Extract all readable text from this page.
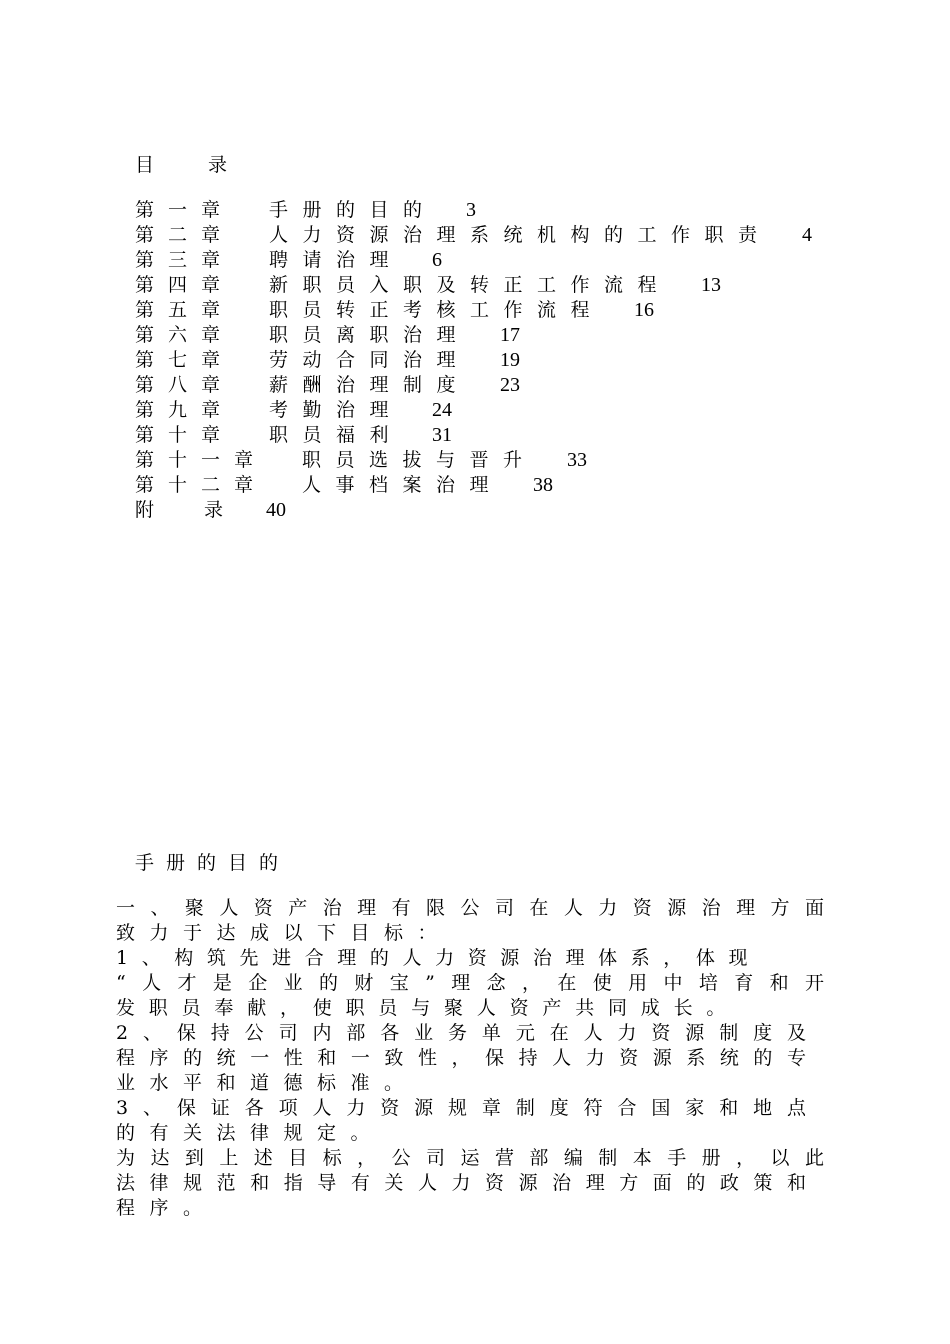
目 录
第一章 手册的目的 3
第二章 人力资源治理系统机构的工作职责 4
第三章 聘请治理 6
第四章 新职员入职及转正工作流程 13
第五章 职员转正考核工作流程 16
第六章 职员离职治理 17
第七章 劳动合同治理 19
第八章 薪酬治理制度 23
第九章 考勤治理 24
第十章 职员福利 31
第十一章 职员选拔与晋升 33
第十二章 人事档案治理 38
附 录 40
手册的目的
一、聚人资产治理有限公司在人力资源治理方面
致力于达成以下目标：
1、构筑先进合理的人力资源治理体系，体现
“人才是企业的财宝”理念，在使用中培育和开
发职员奉献，使职员与聚人资产共同成长。
2、保持公司内部各业务单元在人力资源制度及
程序的统一性和一致性，保持人力资源系统的专
业水平和道德标准。
3、保证各项人力资源规章制度符合国家和地点
的有关法律规定。
为达到上述目标，公司运营部编制本手册，以此
法律规范和指导有关人力资源治理方面的政策和
程序。
